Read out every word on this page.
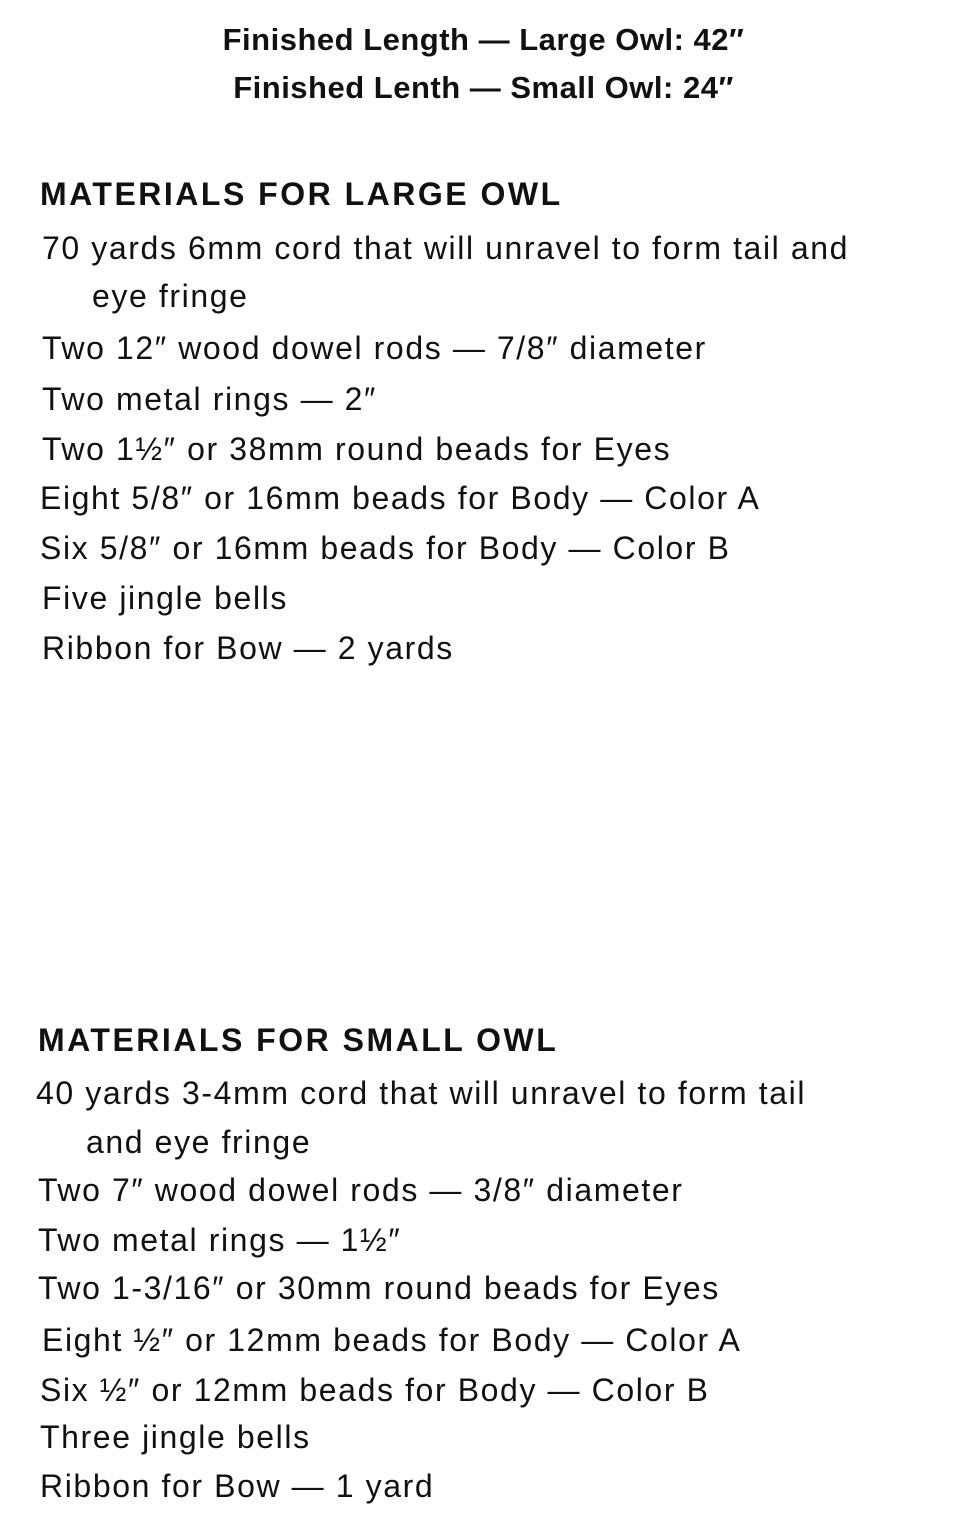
Finished Length — Large Owl: 42″
Finished Lenth — Small Owl: 24″
MATERIALS FOR LARGE OWL
70 yards 6mm cord that will unravel to form tail and
eye fringe
Two 12″ wood dowel rods — 7/8″ diameter
Two metal rings — 2″
Two 1½″ or 38mm round beads for Eyes
Eight 5/8″ or 16mm beads for Body — Color A
Six 5/8″ or 16mm beads for Body — Color B
Five jingle bells
Ribbon for Bow — 2 yards
MATERIALS FOR SMALL OWL
40 yards 3-4mm cord that will unravel to form tail
and eye fringe
Two 7″ wood dowel rods — 3/8″ diameter
Two metal rings — 1½″
Two 1-3/16″ or 30mm round beads for Eyes
Eight ½″ or 12mm beads for Body — Color A
Six ½″ or 12mm beads for Body — Color B
Three jingle bells
Ribbon for Bow — 1 yard
